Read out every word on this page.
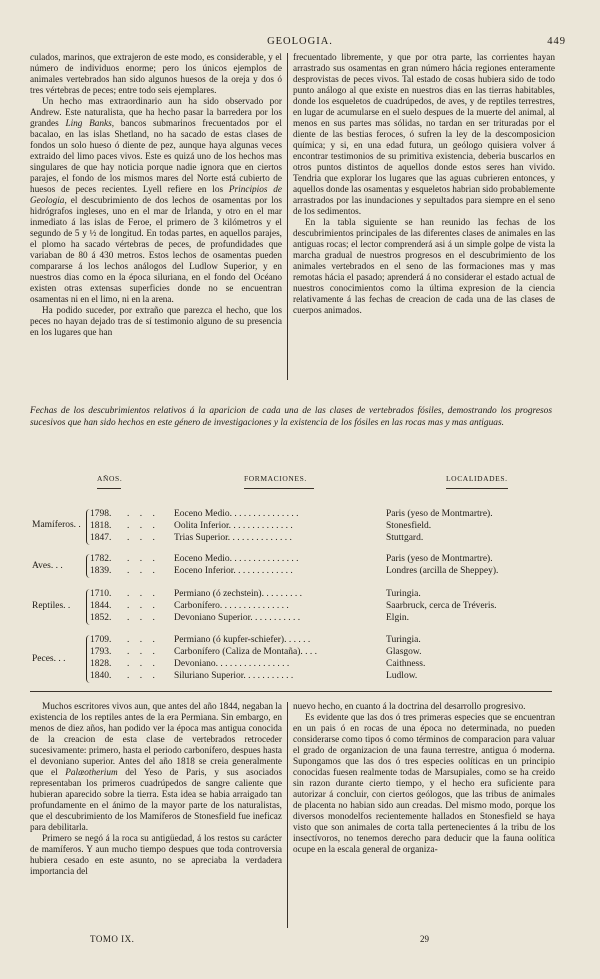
GEOLOGIA.	449

culados, marinos, que extrajeron de este modo, es considerable, y el número de individuos enorme; pero los únicos ejemplos de animales vertebrados han sido algunos huesos de la oreja y dos ó tres vértebras de peces; entre todo seis ejemplares.

Un hecho mas extraordinario aun ha sido observado por Andrew. Este naturalista, que ha hecho pasar la barredera por los grandes Ling Banks, bancos submarinos frecuentados por el bacalao, en las islas Shetland, no ha sacado de estas clases de fondos un solo hueso ó diente de pez, aunque haya algunas veces extraido del limo paces vivos. Este es quizá uno de los hechos mas singulares de que hay noticia porque nadie ignora que en ciertos parajes, el fondo de los mismos mares del Norte está cubierto de huesos de peces recientes. Lyell refiere en los Principios de Geologia, el descubrimiento de dos lechos de osamentas por los hidrógrafos ingleses, uno en el mar de Irlanda, y otro en el mar inmediato á las islas de Feroe, el primero de 3 kilómetros y el segundo de 5 y ½ de longitud. En todas partes, en aquellos parajes, el plomo ha sacado vértebras de peces, de profundidades que variaban de 80 á 430 metros. Estos lechos de osamentas pueden compararse á los lechos análogos del Ludlow Superior, y en nuestros dias como en la época siluriana, en el fondo del Océano existen otras extensas superficies donde no se encuentran osamentas ni en el limo, ni en la arena.

Ha podido suceder, por extraño que parezca el hecho, que los peces no hayan dejado tras de sí testimonio alguno de su presencia en los lugares que han

frecuentado libremente, y que por otra parte, las corrientes hayan arrastrado sus osamentas en gran número hácia regiones enteramente desprovistas de peces vivos. Tal estado de cosas hubiera sido de todo punto análogo al que existe en nuestros dias en las tierras habitables, donde los esqueletos de cuadrúpedos, de aves, y de reptiles terrestres, en lugar de acumularse en el suelo despues de la muerte del animal, al menos en sus partes mas sólidas, no tardan en ser trituradas por el diente de las bestias feroces, ó sufren la ley de la descomposicion química; y si, en una edad futura, un geólogo quisiera volver á encontrar testimonios de su primitiva existencia, deberia buscarlos en otros puntos distintos de aquellos donde estos seres han vivido. Tendria que explorar los lugares que las aguas cubrieren entonces, y aquellos donde las osamentas y esqueletos habrian sido probablemente arrastrados por las inundaciones y sepultados para siempre en el seno de los sedimentos.

En la tabla siguiente se han reunido las fechas de los descubrimientos principales de las diferentes clases de animales en las antiguas rocas; el lector comprenderá asi á un simple golpe de vista la marcha gradual de nuestros progresos en el descubrimiento de los animales vertebrados en el seno de las formaciones mas y mas remotas hácia el pasado; aprenderá á no considerar el estado actual de nuestros conocimientos como la última expresion de la ciencia relativamente á las fechas de creacion de cada una de las clases de cuerpos animados.

Fechas de los descubrimientos relativos á la aparicion de cada una de las clases de vertebrados fósiles, demostrando los progresos sucesivos que han sido hechos en este género de investigaciones y la existencia de los fósiles en las rocas mas y mas antiguas.
AÑOS.	FORMACIONES.	LOCALIDADES.
Mamíferos. .
1798. . . . Eoceno Medio. . . . . . . . . . . . . . .	Paris (yeso de Montmartre).
1818. . . . Oolita Inferior. . . . . . . . . . . . . .	Stonesfield.
1847. . . . Trias Superior. . . . . . . . . . . . . .	Stuttgard.
Aves. . .
1782. . . . Eoceno Medio. . . . . . . . . . . . . . .	Paris (yeso de Montmartre).
1839. . . . Eoceno Inferior. . . . . . . . . . . . .	Londres (arcilla de Sheppey).
Reptiles. .
1710. . . . Permiano (ó zechstein). . . . . . . . .	Turingia.
1844. . . . Carbonífero. . . . . . . . . . . . . . .	Saarbruck, cerca de Tréveris.
1852. . . . Devoniano Superior. . . . . . . . . . .	Elgin.
Peces. . .
1709. . . . Permiano (ó kupfer-schiefer). . . . . .	Turingia.
1793. . . . Carbonífero (Caliza de Montaña). . . .	Glasgow.
1828. . . . Devoniano. . . . . . . . . . . . . . . .	Caithness.
1840. . . . Siluriano Superior. . . . . . . . . . .	Ludlow.

Muchos escritores vivos aun, que antes del año 1844, negaban la existencia de los reptiles antes de la era Permiana. Sin embargo, en menos de diez años, han podido ver la época mas antigua conocida de la creacion de esta clase de vertebrados retroceder sucesivamente: primero, hasta el periodo carbonífero, despues hasta el devoniano superior. Antes del año 1818 se creia generalmente que el Palæotherium del Yeso de Paris, y sus asociados representaban los primeros cuadrúpedos de sangre caliente que hubieran aparecido sobre la tierra. Esta idea se habia arraigado tan profundamente en el ánimo de la mayor parte de los naturalistas, que el descubrimiento de los Mamíferos de Stonesfield fue ineficaz para debilitarla.

Primero se negó á la roca su antigüedad, á los restos su carácter de mamíferos. Y aun mucho tiempo despues que toda controversia hubiera cesado en este asunto, no se apreciaba la verdadera importancia del

nuevo hecho, en cuanto á la doctrina del desarrollo progresivo.

Es evidente que las dos ó tres primeras especies que se encuentran en un pais ó en rocas de una época no determinada, no pueden considerarse como tipos ó como términos de comparacion para valuar el grado de organizacion de una fauna terrestre, antigua ó moderna. Supongamos que las dos ó tres especies oolíticas en un principio conocidas fuesen realmente todas de Marsupiales, como se ha creido sin razon durante cierto tiempo, y el hecho era suficiente para autorizar á concluir, con ciertos geólogos, que las tribus de animales de placenta no habian sido aun creadas. Del mismo modo, porque los diversos monodelfos recientemente hallados en Stonesfield se haya visto que son animales de corta talla pertenecientes á la tribu de los insectívoros, no tenemos derecho para deducir que la fauna oolítica ocupe en la escala general de organiza-

TOMO IX.	29
